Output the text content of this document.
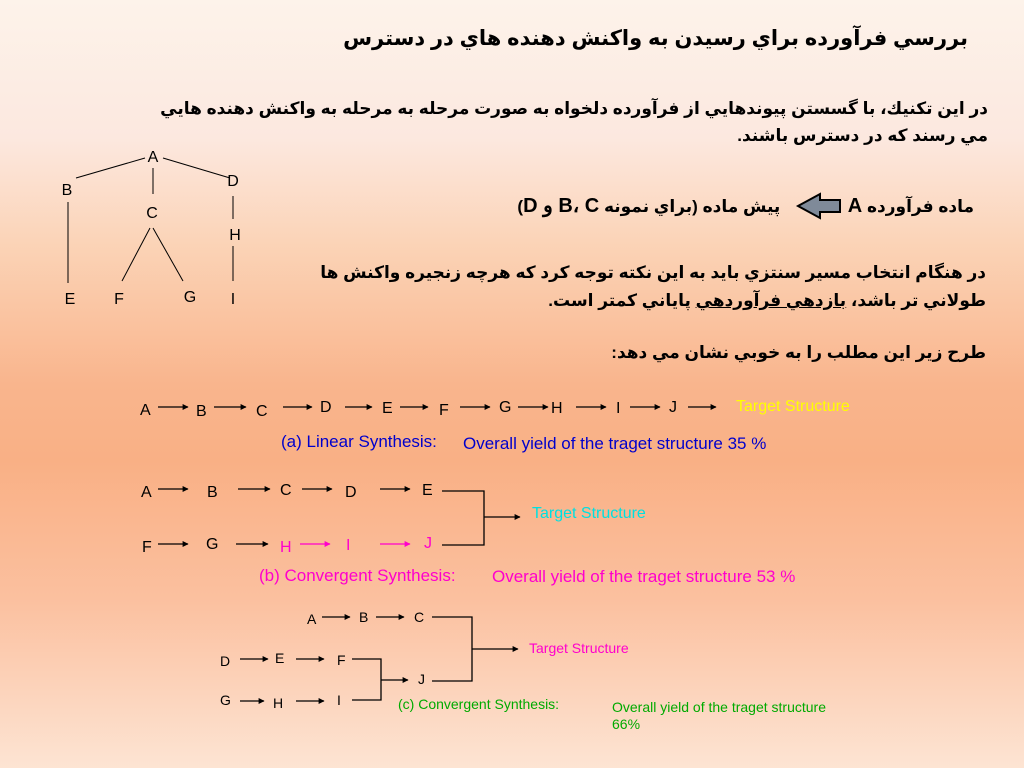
بررسي فرآورده براي رسيدن به واكنش دهنده هاي در دسترس
در اين تكنيك، با گسستن پيوندهايي از فرآورده دلخواه به صورت مرحله به مرحله به واكنش دهنده هايي مي رسند كه در دسترس باشند.
ماده فرآورده A  پيش ماده (براي نمونه B، C و D)
در هنگام انتخاب مسير سنتزي بايد به اين نكته توجه كرد كه هرچه زنجيره واكنش ها طولاني تر باشد، بازدهي فرآوردهي پاياني كمتر است.
طرح زير اين مطلب را به خوبي نشان مي دهد:
A
B
C
D
E F	G
H
I
A	B	C	D	E	F	G H	I	J	Target Structure
(a) Linear Synthesis: Overall yield of the traget structure 35 %
A	B	C	D	E
F	G	H	I	J
Target Structure
(b) Convergent Synthesis: Overall yield of the traget structure 53 %
A	B	C
D	E	F
G	H	I
J
Target Structure
(c) Convergent Synthesis:	Overall yield of the traget structure
66%
